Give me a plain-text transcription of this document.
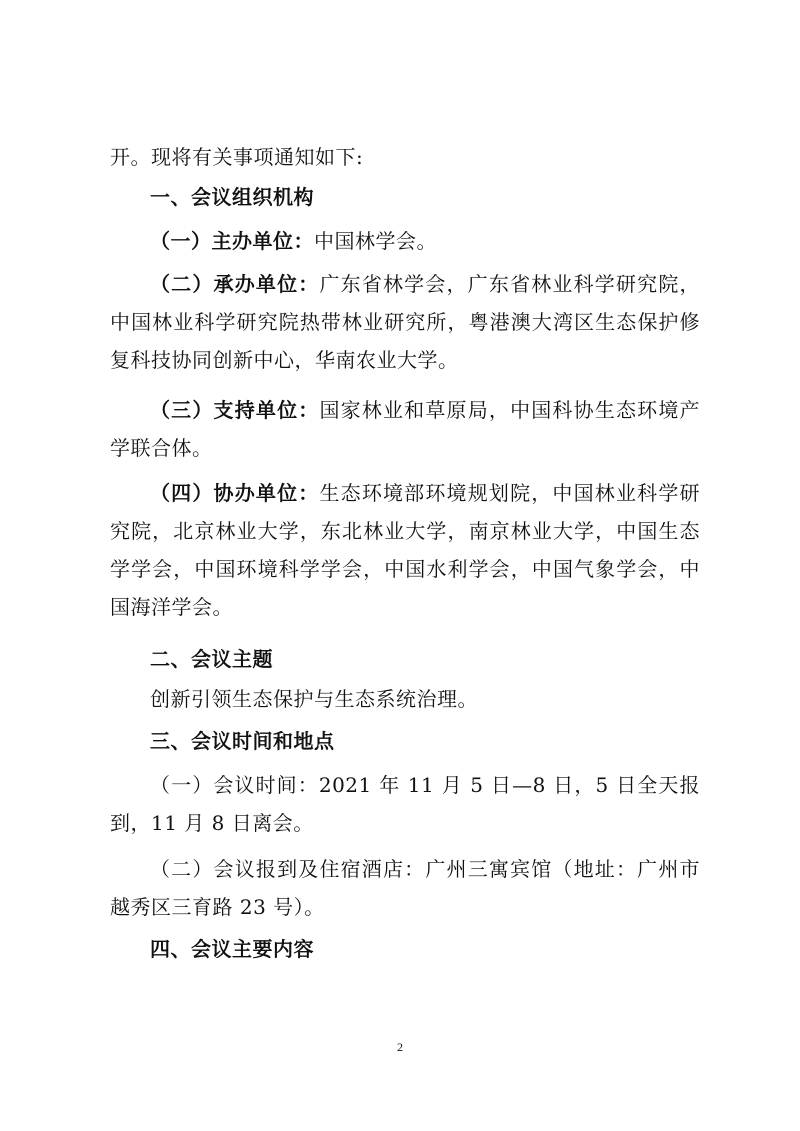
开。现将有关事项通知如下:

一、会议组织机构

（一）主办单位：中国林学会。

（二）承办单位：广东省林学会，广东省林业科学研究院，中国林业科学研究院热带林业研究所，粤港澳大湾区生态保护修复科技协同创新中心，华南农业大学。

（三）支持单位：国家林业和草原局，中国科协生态环境产学联合体。

（四）协办单位：生态环境部环境规划院，中国林业科学研究院，北京林业大学，东北林业大学，南京林业大学，中国生态学学会，中国环境科学学会，中国水利学会，中国气象学会，中国海洋学会。

二、会议主题

创新引领生态保护与生态系统治理。

三、会议时间和地点

（一）会议时间：2021 年 11 月 5 日—8 日，5 日全天报到，11 月 8 日离会。

（二）会议报到及住宿酒店：广州三寓宾馆（地址：广州市越秀区三育路 23 号）。

四、会议主要内容

2
